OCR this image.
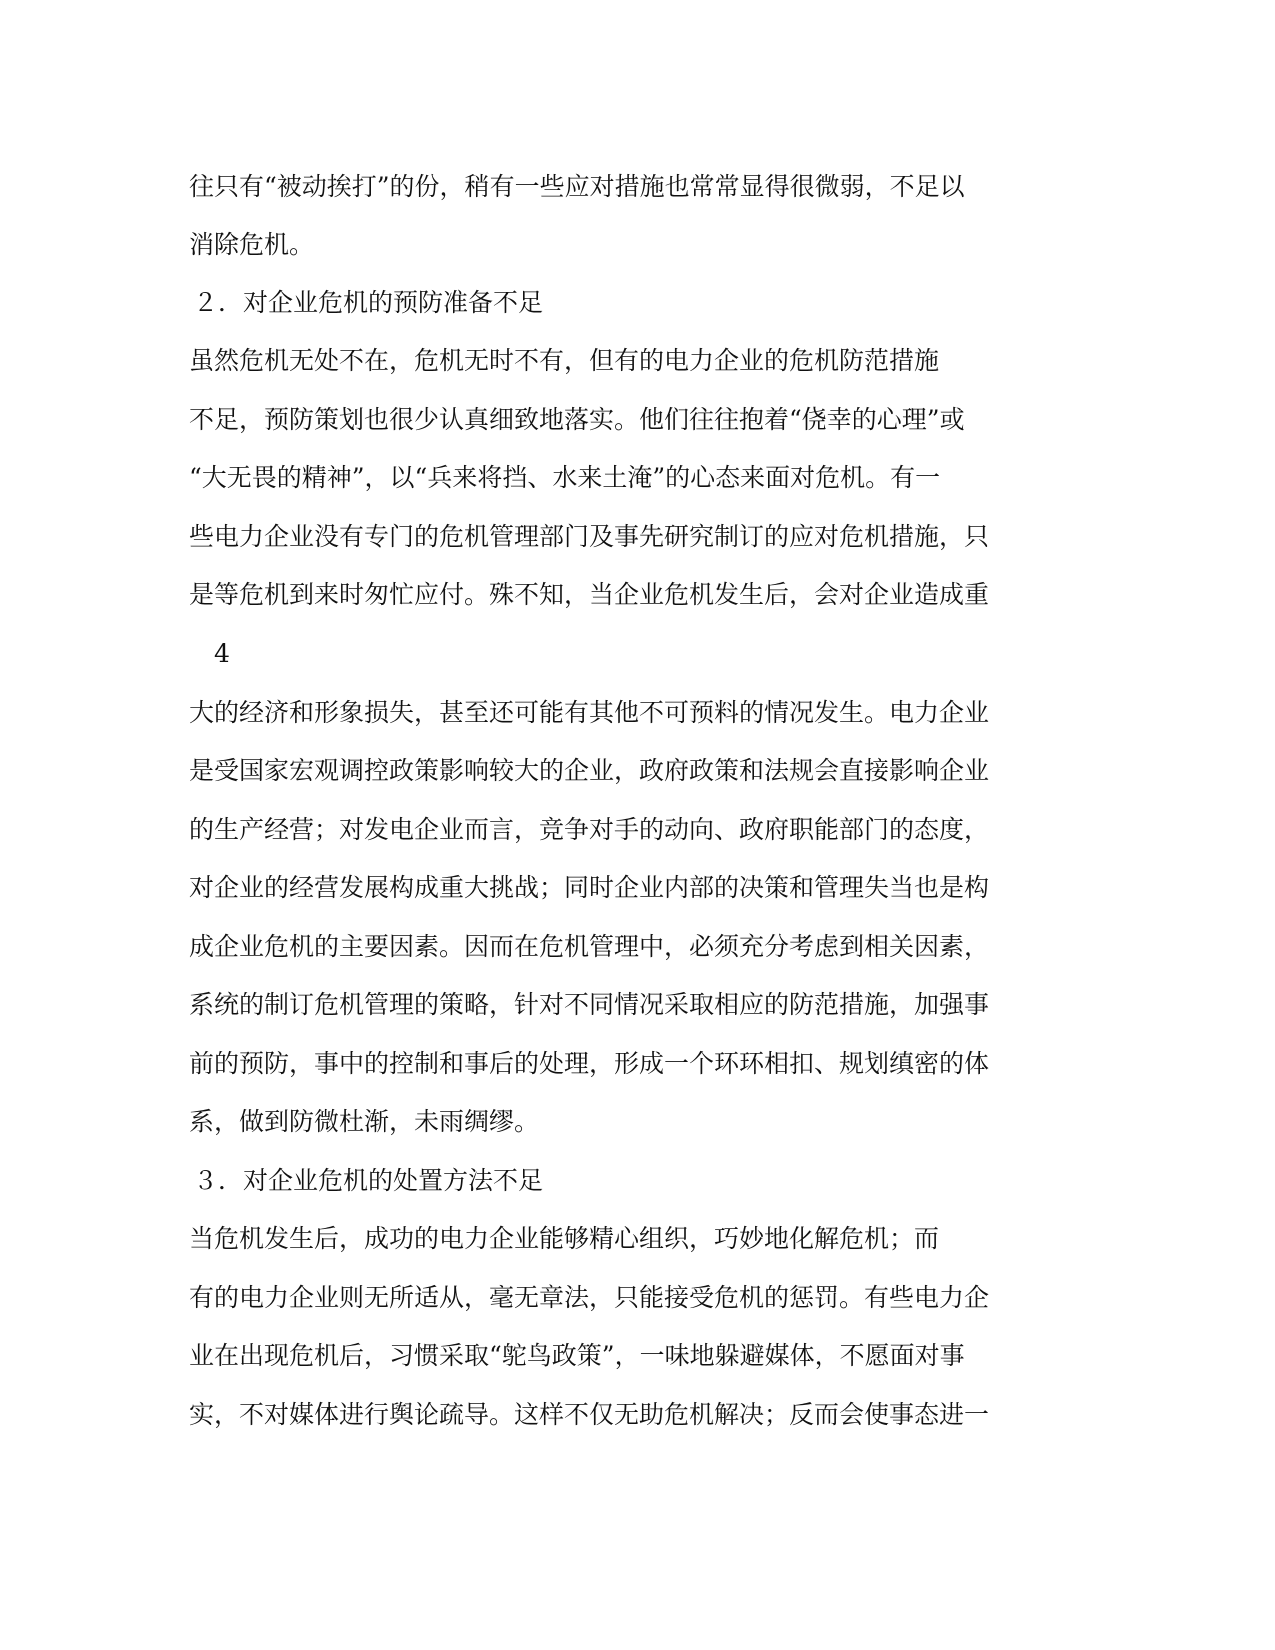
往只有“被动挨打”的份，稍有一些应对措施也常常显得很微弱，不足以
消除危机。
２．对企业危机的预防准备不足
虽然危机无处不在，危机无时不有，但有的电力企业的危机防范措施
不足，预防策划也很少认真细致地落实。他们往往抱着“侥幸的心理”或
“大无畏的精神”，以“兵来将挡、水来土淹”的心态来面对危机。有一
些电力企业没有专门的危机管理部门及事先研究制订的应对危机措施，只
是等危机到来时匆忙应付。殊不知，当企业危机发生后，会对企业造成重
4
大的经济和形象损失，甚至还可能有其他不可预料的情况发生。电力企业
是受国家宏观调控政策影响较大的企业，政府政策和法规会直接影响企业
的生产经营；对发电企业而言，竞争对手的动向、政府职能部门的态度，
对企业的经营发展构成重大挑战；同时企业内部的决策和管理失当也是构
成企业危机的主要因素。因而在危机管理中，必须充分考虑到相关因素，
系统的制订危机管理的策略，针对不同情况采取相应的防范措施，加强事
前的预防，事中的控制和事后的处理，形成一个环环相扣、规划缜密的体
系，做到防微杜渐，未雨绸缪。
３．对企业危机的处置方法不足
当危机发生后，成功的电力企业能够精心组织，巧妙地化解危机；而
有的电力企业则无所适从，毫无章法，只能接受危机的惩罚。有些电力企
业在出现危机后，习惯采取“鸵鸟政策”，一味地躲避媒体，不愿面对事
实，不对媒体进行舆论疏导。这样不仅无助危机解决；反而会使事态进一
